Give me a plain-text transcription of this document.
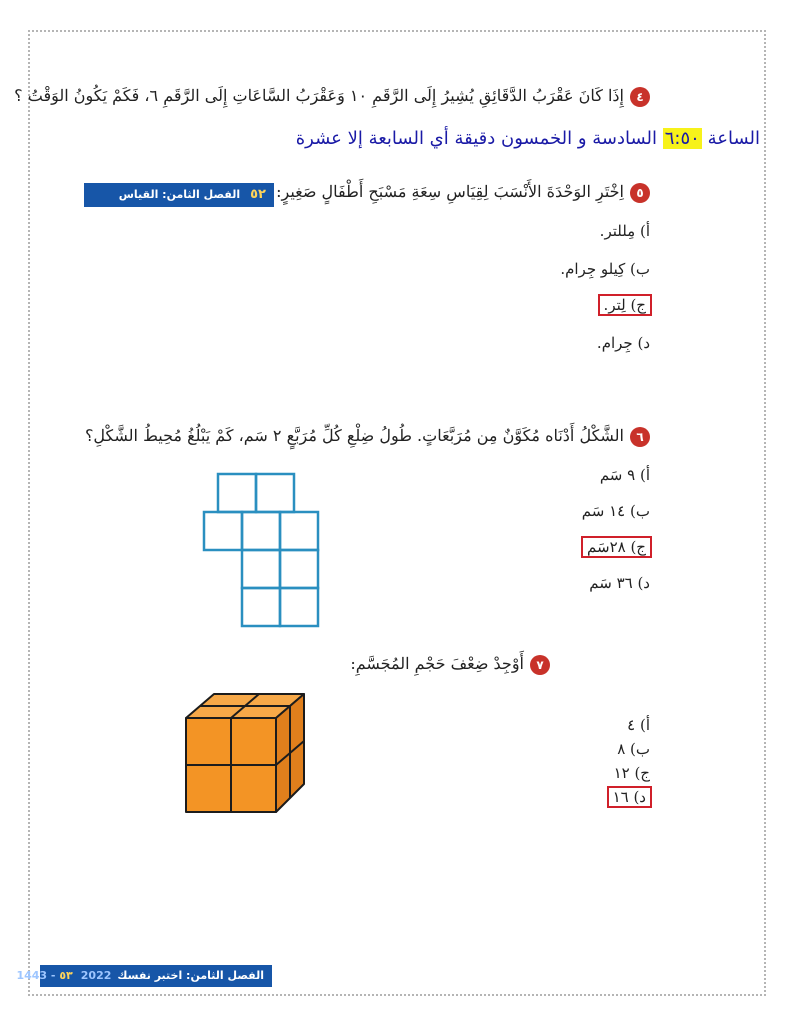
٤إِذَا كَانَ عَقْرَبُ الدَّقَائِقِ يُشِيرُ إِلَى الرَّقَمِ ١٠ وَعَقْرَبُ السَّاعَاتِ إِلَى الرَّقَمِ ٦، فَكَمْ يَكُونُ الوَقْتُ ؟
الساعة ٦:٥٠ السادسة و الخمسون دقيقة أي السابعة إلا عشرة
٥٢الفصل الثامن: القياس	٥اِخْتَرِ الوَحْدَةَ الأَنْسَبَ لِقِيَاسِ سِعَةِ مَسْبَحِ أَطْفَالٍ صَغِيرٍ:
أ) مِللتر.
ب) كِيلو جِرام.
ج) لِتر.
د) جِرام.
٦الشَّكْلُ أَدْنَاه مُكَوَّنٌ مِن مُرَبَّعَاتٍ. طُولُ ضِلْعِ كُلِّ مُرَبَّعٍ ٢ سَم، كَمْ يَبْلُغُ مُحِيطُ الشَّكْلِ؟
أ) ٩ سَم
ب) ١٤ سَم
ج) ٢٨سَم
د) ٣٦ سَم
٧أَوْجِدْ ضِعْفَ حَجْمِ المُجَسَّمِ:
أ) ٤
ب) ٨
ج) ١٢
د) ١٦
الفصل الثامن: اختبر نفسك٥٣2022 - 1443
